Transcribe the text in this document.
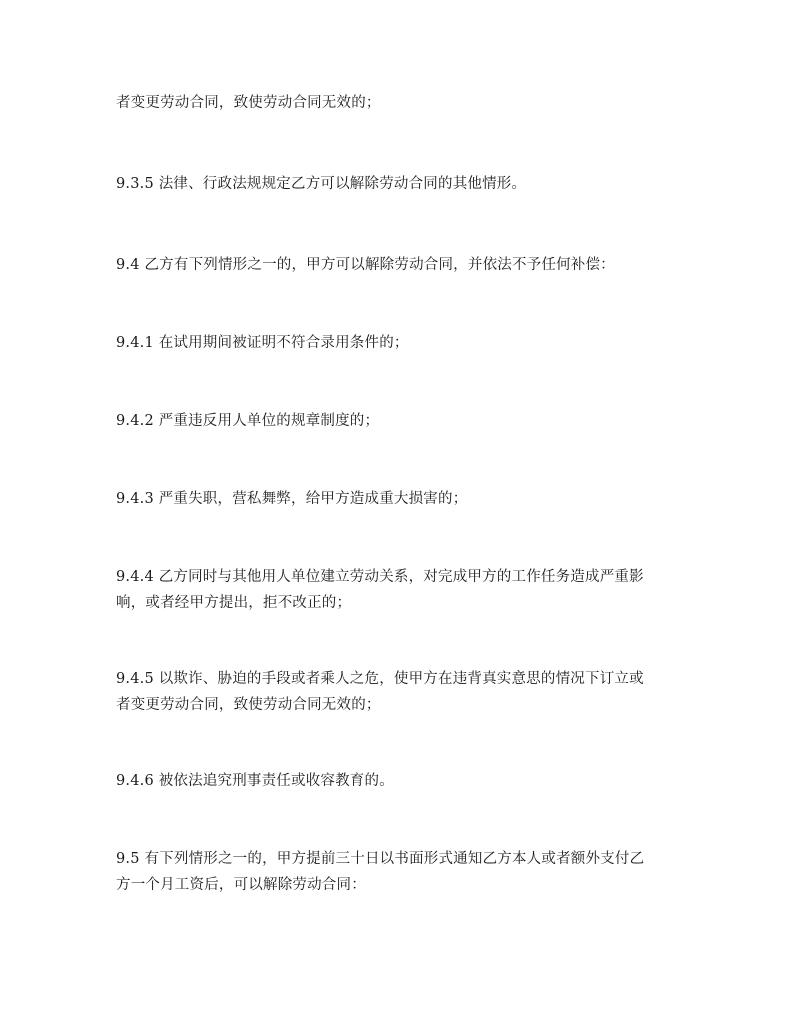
者变更劳动合同，致使劳动合同无效的；

9.3.5 法律、行政法规规定乙方可以解除劳动合同的其他情形。

9.4 乙方有下列情形之一的，甲方可以解除劳动合同，并依法不予任何补偿：

9.4.1 在试用期间被证明不符合录用条件的；

9.4.2 严重违反用人单位的规章制度的；

9.4.3 严重失职，营私舞弊，给甲方造成重大损害的；

9.4.4 乙方同时与其他用人单位建立劳动关系，对完成甲方的工作任务造成严重影
响，或者经甲方提出，拒不改正的；

9.4.5 以欺诈、胁迫的手段或者乘人之危，使甲方在违背真实意思的情况下订立或
者变更劳动合同，致使劳动合同无效的；

9.4.6 被依法追究刑事责任或收容教育的。

9.5 有下列情形之一的，甲方提前三十日以书面形式通知乙方本人或者额外支付乙
方一个月工资后，可以解除劳动合同：
